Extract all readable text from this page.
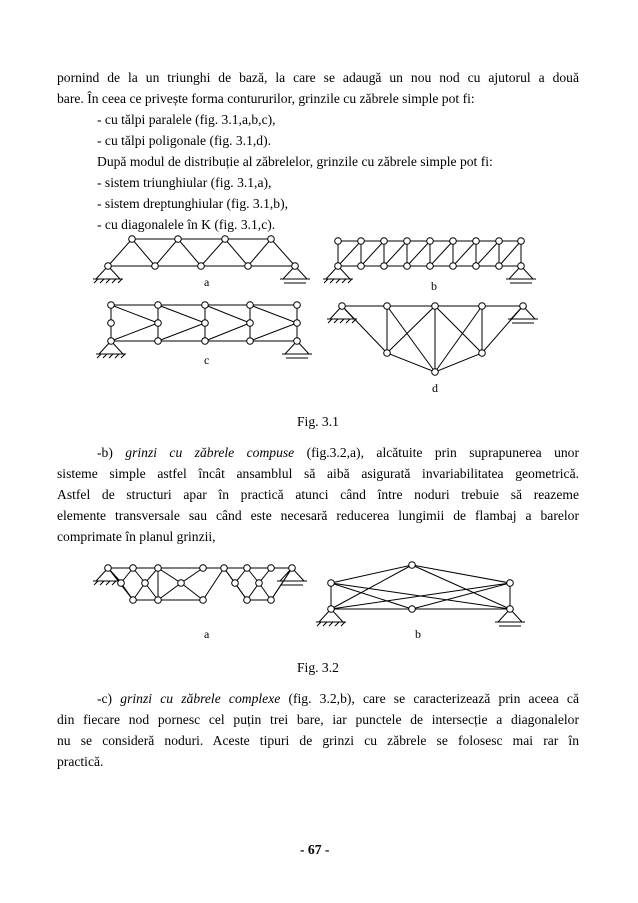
pornind de la un triunghi de bază, la care se adaugă un nou nod cu ajutorul a două
bare. În ceea ce privește forma contururilor, grinzile cu zăbrele simple pot fi:
- cu tălpi paralele (fig. 3.1,a,b,c),
- cu tălpi poligonale (fig. 3.1,d).
După modul de distribuție al zăbrelelor, grinzile cu zăbrele simple pot fi:
- sistem triunghiular (fig. 3.1,a),
- sistem dreptunghiular (fig. 3.1,b),
- cu diagonalele în K (fig. 3.1,c).
a	b
c
d
Fig. 3.1
-b) grinzi cu zăbrele compuse (fig.3.2,a), alcătuite prin suprapunerea unor
sisteme simple astfel încât ansamblul să aibă asigurată invariabilitatea geometrică.
Astfel de structuri apar în practică atunci când între noduri trebuie să reazeme
elemente transversale sau când este necesară reducerea lungimii de flambaj a barelor
comprimate în planul grinzii,
a	b
Fig. 3.2
-c) grinzi cu zăbrele complexe (fig. 3.2,b), care se caracterizează prin aceea că
din fiecare nod pornesc cel puțin trei bare, iar punctele de intersecție a diagonalelor
nu se consideră noduri. Aceste tipuri de grinzi cu zăbrele se folosesc mai rar în
practică.
- 67 -
